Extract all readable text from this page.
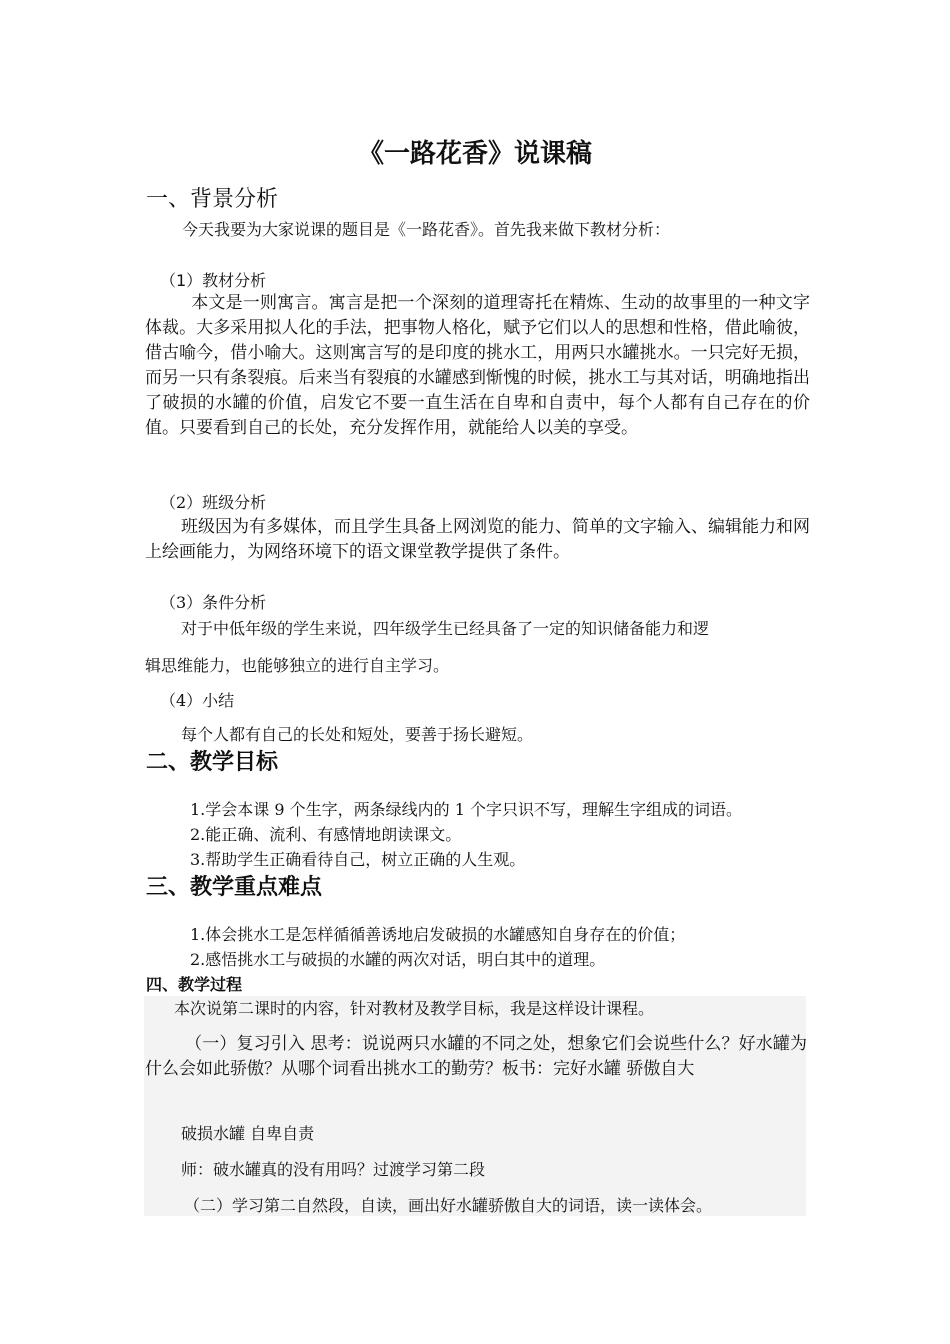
《一路花香》说课稿
一、背景分析
今天我要为大家说课的题目是《一路花香》。首先我来做下教材分析：
（1）教材分析
本文是一则寓言。寓言是把一个深刻的道理寄托在精炼、生动的故事里的一种文字体裁。大多采用拟人化的手法，把事物人格化，赋予它们以人的思想和性格，借此喻彼，借古喻今，借小喻大。这则寓言写的是印度的挑水工，用两只水罐挑水。一只完好无损，而另一只有条裂痕。后来当有裂痕的水罐感到惭愧的时候，挑水工与其对话，明确地指出了破损的水罐的价值，启发它不要一直生活在自卑和自责中，每个人都有自己存在的价值。只要看到自己的长处，充分发挥作用，就能给人以美的享受。
（2）班级分析
班级因为有多媒体，而且学生具备上网浏览的能力、简单的文字输入、编辑能力和网上绘画能力，为网络环境下的语文课堂教学提供了条件。
（3）条件分析
对于中低年级的学生来说，四年级学生已经具备了一定的知识储备能力和逻
辑思维能力，也能够独立的进行自主学习。
（4）小结
每个人都有自己的长处和短处，要善于扬长避短。
二、教学目标
1.学会本课 9 个生字，两条绿线内的 1 个字只识不写，理解生字组成的词语。
2.能正确、流利、有感情地朗读课文。
3.帮助学生正确看待自己，树立正确的人生观。
三、教学重点难点
1.体会挑水工是怎样循循善诱地启发破损的水罐感知自身存在的价值；
2.感悟挑水工与破损的水罐的两次对话，明白其中的道理。
四、教学过程
本次说第二课时的内容，针对教材及教学目标，我是这样设计课程。
（一）复习引入 思考：说说两只水罐的不同之处，想象它们会说些什么？好水罐为什么会如此骄傲？从哪个词看出挑水工的勤劳？板书：完好水罐 骄傲自大
破损水罐 自卑自责
师：破水罐真的没有用吗？过渡学习第二段
（二）学习第二自然段，自读，画出好水罐骄傲自大的词语，读一读体会。
